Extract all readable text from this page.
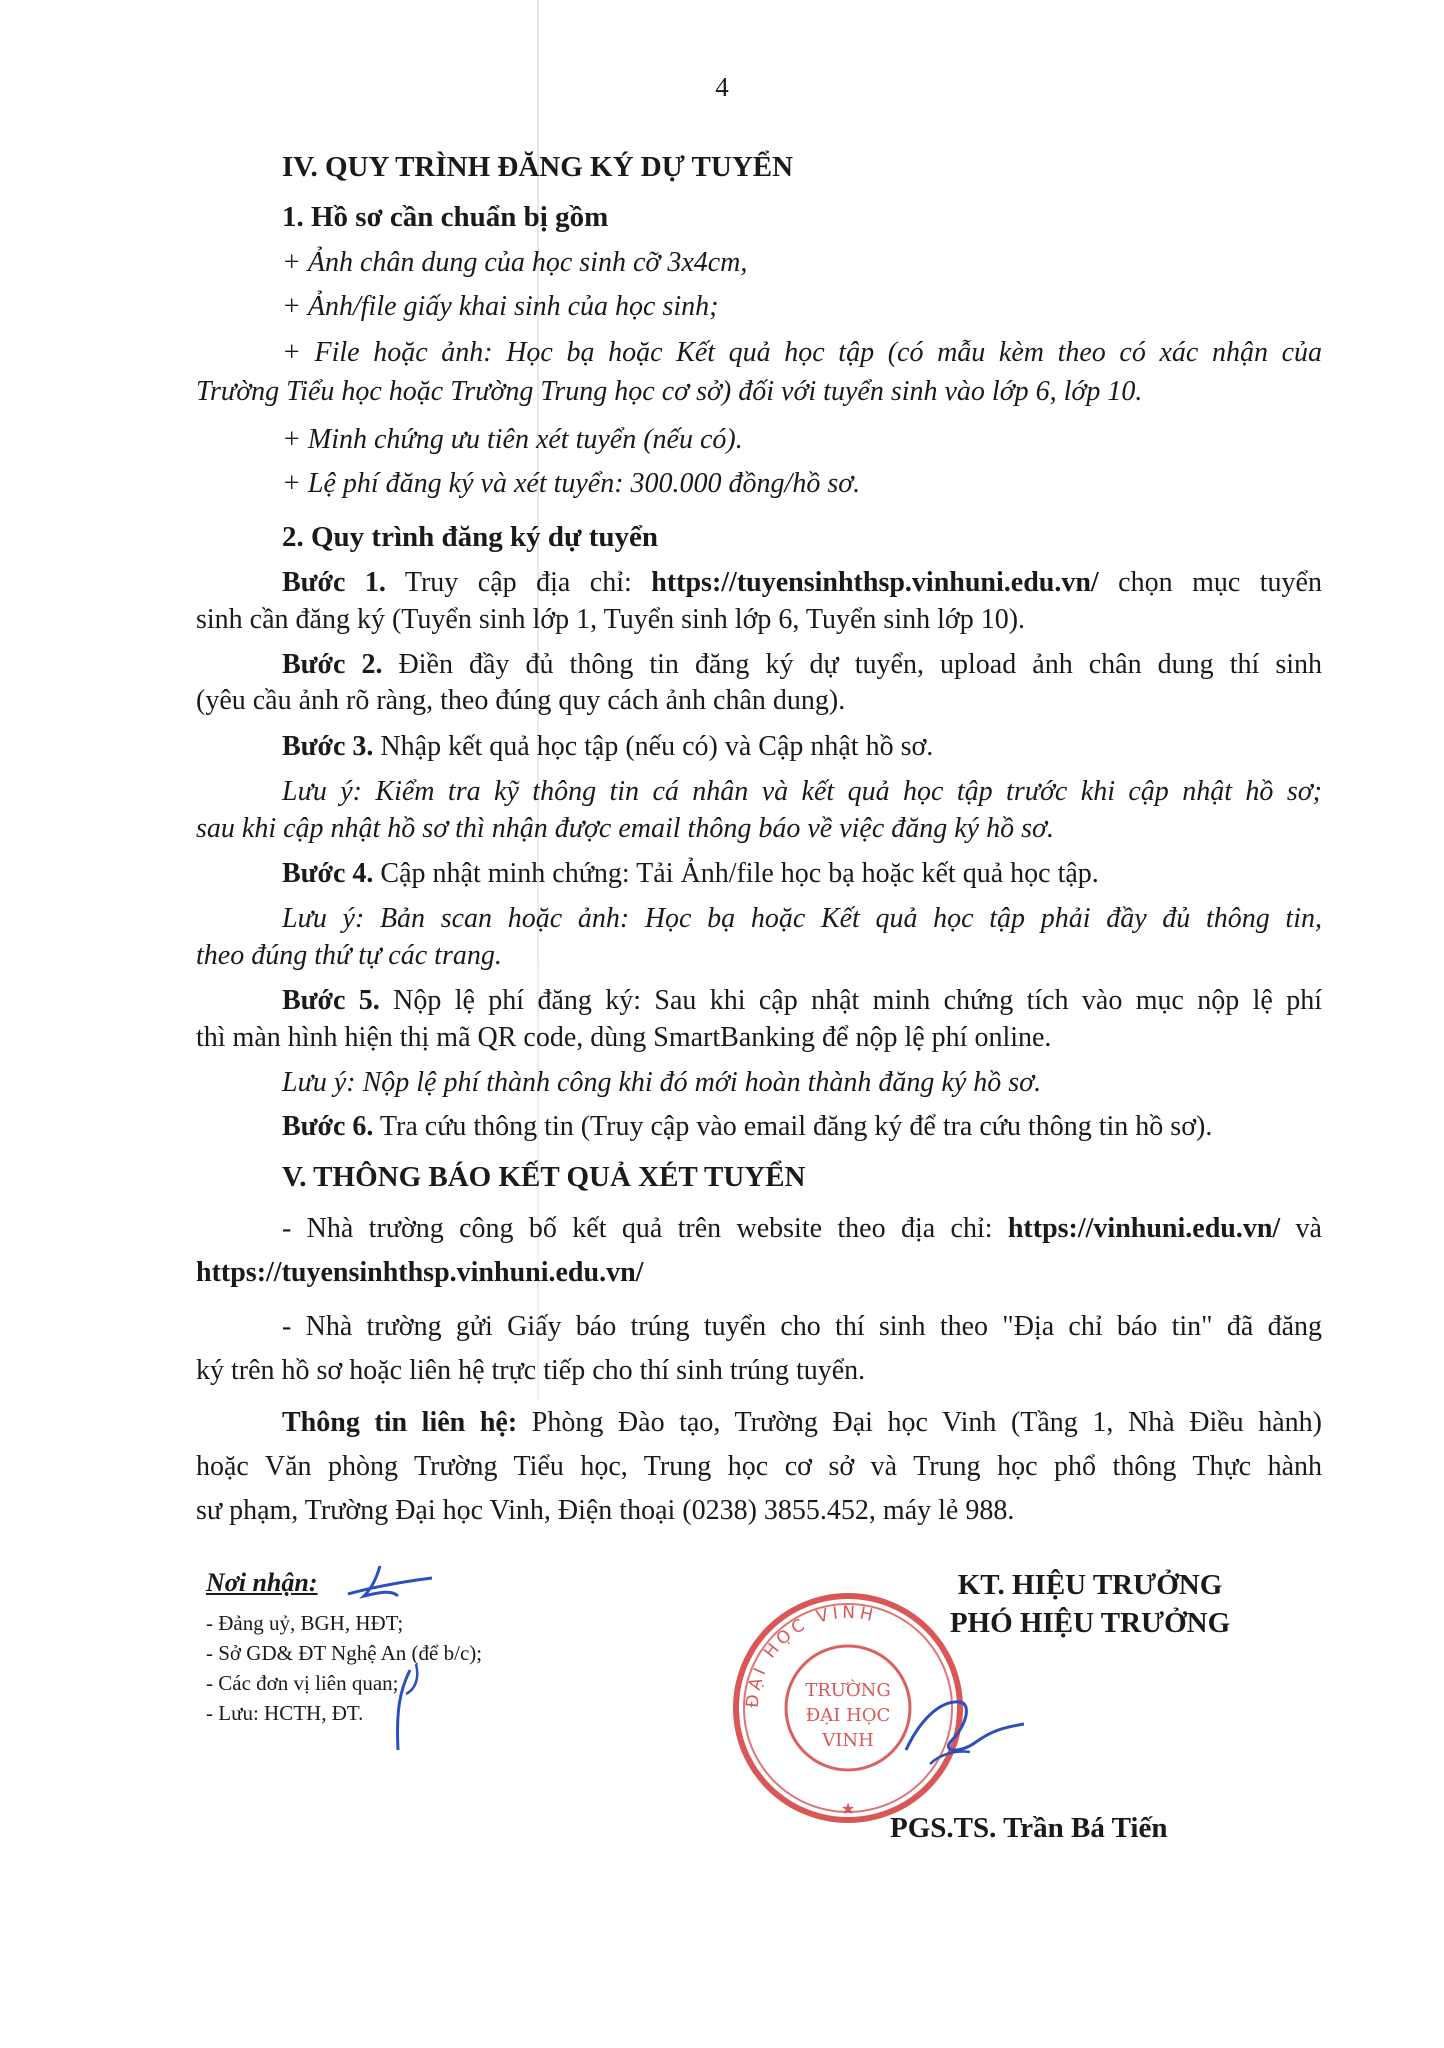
4
IV. QUY TRÌNH ĐĂNG KÝ DỰ TUYỂN
1. Hồ sơ cần chuẩn bị gồm
+ Ảnh chân dung của học sinh cỡ 3x4cm,
+ Ảnh/file giấy khai sinh của học sinh;
+ File hoặc ảnh: Học bạ hoặc Kết quả học tập (có mẫu kèm theo có xác nhận của
Trường Tiểu học hoặc Trường Trung học cơ sở) đối với tuyển sinh vào lớp 6, lớp 10.
+ Minh chứng ưu tiên xét tuyển (nếu có).
+ Lệ phí đăng ký và xét tuyển: 300.000 đồng/hồ sơ.
2. Quy trình đăng ký dự tuyển
Bước 1. Truy cập địa chỉ: https://tuyensinhthsp.vinhuni.edu.vn/ chọn mục tuyển
sinh cần đăng ký (Tuyển sinh lớp 1, Tuyển sinh lớp 6, Tuyển sinh lớp 10).
Bước 2. Điền đầy đủ thông tin đăng ký dự tuyển, upload ảnh chân dung thí sinh
(yêu cầu ảnh rõ ràng, theo đúng quy cách ảnh chân dung).
Bước 3. Nhập kết quả học tập (nếu có) và Cập nhật hồ sơ.
Lưu ý: Kiểm tra kỹ thông tin cá nhân và kết quả học tập trước khi cập nhật hồ sơ;
sau khi cập nhật hồ sơ thì nhận được email thông báo về việc đăng ký hồ sơ.
Bước 4. Cập nhật minh chứng: Tải Ảnh/file học bạ hoặc kết quả học tập.
Lưu ý: Bản scan hoặc ảnh: Học bạ hoặc Kết quả học tập phải đầy đủ thông tin,
theo đúng thứ tự các trang.
Bước 5. Nộp lệ phí đăng ký: Sau khi cập nhật minh chứng tích vào mục nộp lệ phí
thì màn hình hiện thị mã QR code, dùng SmartBanking để nộp lệ phí online.
Lưu ý: Nộp lệ phí thành công khi đó mới hoàn thành đăng ký hồ sơ.
Bước 6. Tra cứu thông tin (Truy cập vào email đăng ký để tra cứu thông tin hồ sơ).
V. THÔNG BÁO KẾT QUẢ XÉT TUYỂN
- Nhà trường công bố kết quả trên website theo địa chỉ: https://vinhuni.edu.vn/ và
https://tuyensinhthsp.vinhuni.edu.vn/
- Nhà trường gửi Giấy báo trúng tuyển cho thí sinh theo "Địa chỉ báo tin" đã đăng
ký trên hồ sơ hoặc liên hệ trực tiếp cho thí sinh trúng tuyển.
Thông tin liên hệ: Phòng Đào tạo, Trường Đại học Vinh (Tầng 1, Nhà Điều hành)
hoặc Văn phòng Trường Tiểu học, Trung học cơ sở và Trung học phổ thông Thực hành
sư phạm, Trường Đại học Vinh, Điện thoại (0238) 3855.452, máy lẻ 988.
Nơi nhận:
- Đảng uỷ, BGH, HĐT;
- Sở GD& ĐT Nghệ An (để b/c);
- Các đơn vị liên quan;
- Lưu: HCTH, ĐT.
KT. HIỆU TRƯỞNG
PHÓ HIỆU TRƯỞNG
ĐẠI HỌC VINH
TRƯỜNG
ĐẠI HỌC
VINH
★
PGS.TS. Trần Bá Tiến
